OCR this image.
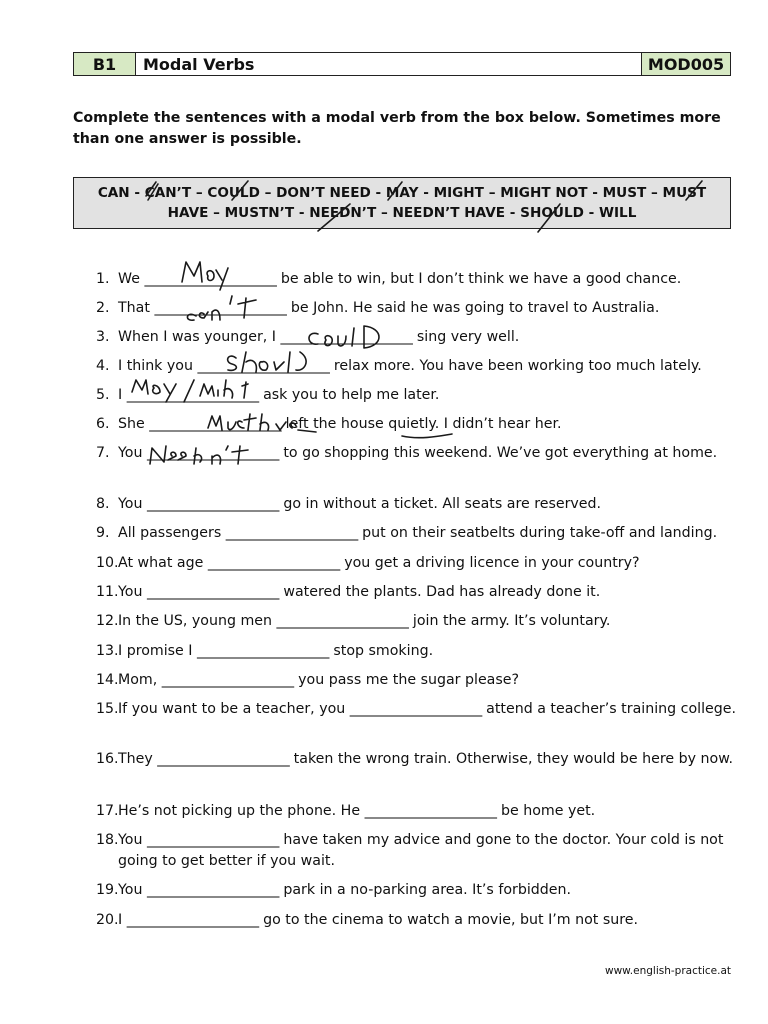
B1	Modal Verbs	MOD005
Complete the sentences with a modal verb from the box below. Sometimes more than one answer is possible.
CAN - CAN’T – COULD – DON’T NEED - MAY - MIGHT – MIGHT NOT - MUST – MUST
HAVE – MUSTN’T - NEEDN’T – NEEDN’T HAVE - SHOULD - WILL
1. We ____________________ be able to win, but I don’t think we have a good chance.
2. That ____________________ be John. He said he was going to travel to Australia.
3. When I was younger, I ____________________ sing very well.
4. I think you ____________________ relax more. You have been working too much lately.
5. I ____________________ ask you to help me later.
6. She ____________________ left the house quietly. I didn’t hear her.
7. You ____________________ to go shopping this weekend. We’ve got everything at home.
8. You ____________________ go in without a ticket. All seats are reserved.
9. All passengers ____________________ put on their seatbelts during take-off and landing.
10. At what age ____________________ you get a driving licence in your country?
11. You ____________________ watered the plants. Dad has already done it.
12. In the US, young men ____________________ join the army. It’s voluntary.
13. I promise I ____________________ stop smoking.
14. Mom, ____________________ you pass me the sugar please?
15. If you want to be a teacher, you ____________________ attend a teacher’s training college.
16. They ____________________ taken the wrong train. Otherwise, they would be here by now.
17. He’s not picking up the phone. He ____________________ be home yet.
18. You ____________________ have taken my advice and gone to the doctor. Your cold is not going to get better if you wait.
19. You ____________________ park in a no-parking area. It’s forbidden.
20. I ____________________ go to the cinema to watch a movie, but I’m not sure.
www.english-practice.at
